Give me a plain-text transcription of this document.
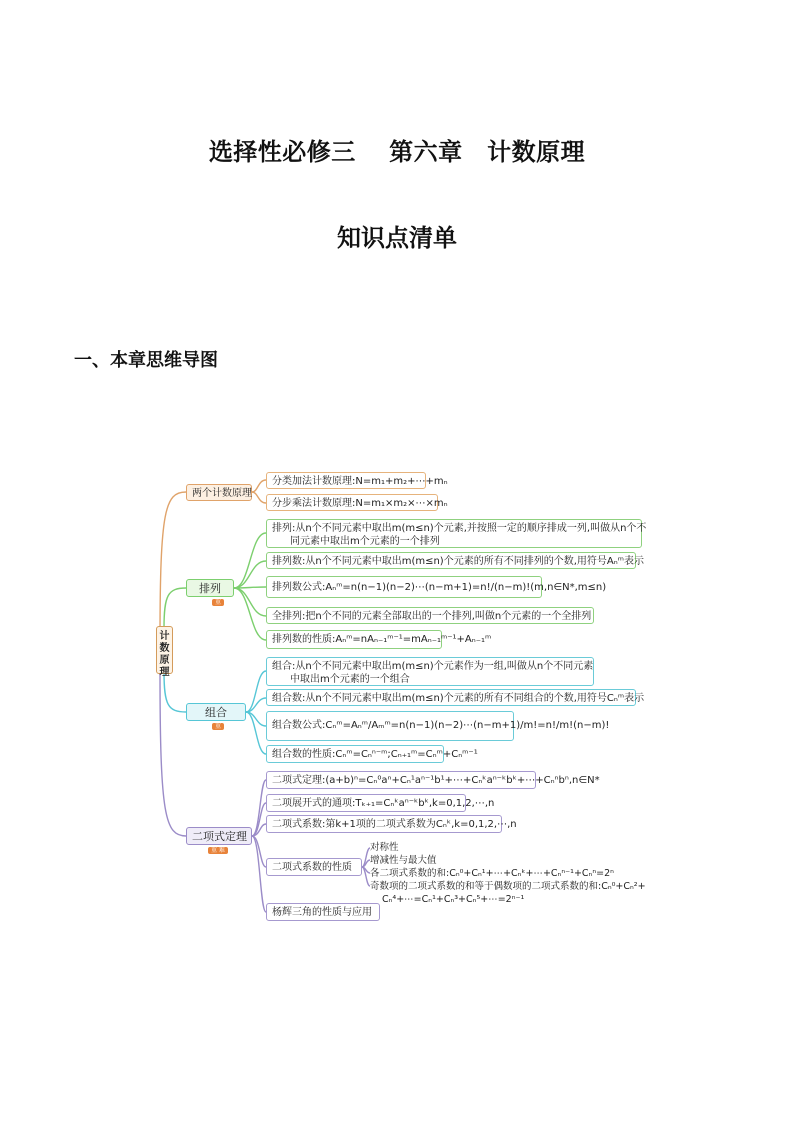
选择性必修三　 第六章　计数原理
知识点清单
一、本章思维导图
计数原理
两个计数原理
分类加法计数原理:N=m₁+m₂+⋯+mₙ
分步乘法计数原理:N=m₁×m₂×⋯×mₙ
排列
重
排列:从n个不同元素中取出m(m≤n)个元素,并按照一定的顺序排成一列,叫做从n个不
同元素中取出m个元素的一个排列
排列数:从n个不同元素中取出m(m≤n)个元素的所有不同排列的个数,用符号Aₙᵐ表示
排列数公式:Aₙᵐ=n(n−1)(n−2)⋯(n−m+1)=n!/(n−m)!(m,n∈N*,m≤n)
全排列:把n个不同的元素全部取出的一个排列,叫做n个元素的一个全排列
排列数的性质:Aₙᵐ=nAₙ₋₁ᵐ⁻¹=mAₙ₋₁ᵐ⁻¹+Aₙ₋₁ᵐ
组合
重
组合:从n个不同元素中取出m(m≤n)个元素作为一组,叫做从n个不同元素
中取出m个元素的一个组合
组合数:从n个不同元素中取出m(m≤n)个元素的所有不同组合的个数,用符号Cₙᵐ表示
组合数公式:Cₙᵐ=Aₙᵐ/Aₘᵐ=n(n−1)(n−2)⋯(n−m+1)/m!=n!/m!(n−m)!
组合数的性质:Cₙᵐ=Cₙⁿ⁻ᵐ;Cₙ₊₁ᵐ=Cₙᵐ+Cₙᵐ⁻¹
二项式定理
重 难
二项式定理:(a+b)ⁿ=Cₙ⁰aⁿ+Cₙ¹aⁿ⁻¹b¹+⋯+Cₙᵏaⁿ⁻ᵏbᵏ+⋯+Cₙⁿbⁿ,n∈N*
二项展开式的通项:Tₖ₊₁=Cₙᵏaⁿ⁻ᵏbᵏ,k=0,1,2,⋯,n
二项式系数:第k+1项的二项式系数为Cₙᵏ,k=0,1,2,⋯,n
二项式系数的性质
杨辉三角的性质与应用
对称性
增减性与最大值
各二项式系数的和:Cₙ⁰+Cₙ¹+⋯+Cₙᵏ+⋯+Cₙⁿ⁻¹+Cₙⁿ=2ⁿ
奇数项的二项式系数的和等于偶数项的二项式系数的和:Cₙ⁰+Cₙ²+
Cₙ⁴+⋯=Cₙ¹+Cₙ³+Cₙ⁵+⋯=2ⁿ⁻¹
